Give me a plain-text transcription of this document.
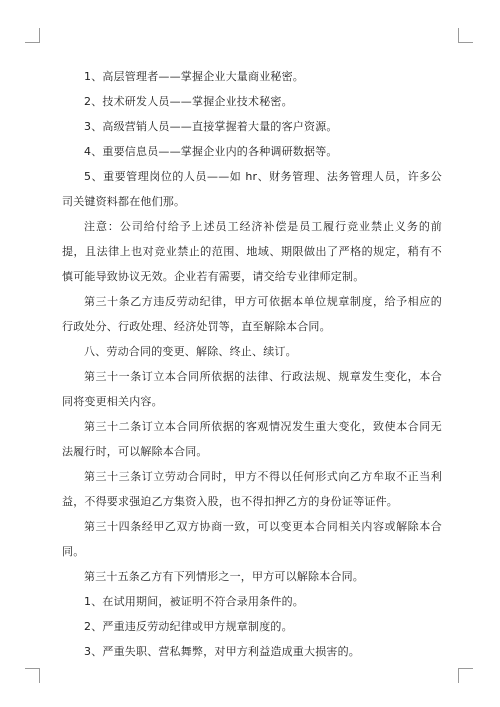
1、高层管理者——掌握企业大量商业秘密。

2、技术研发人员——掌握企业技术秘密。

3、高级营销人员——直接掌握着大量的客户资源。

4、重要信息员——掌握企业内的各种调研数据等。

5、重要管理岗位的人员——如 hr、财务管理、法务管理人员，许多公司关键资料都在他们那。

注意：公司给付给予上述员工经济补偿是员工履行竞业禁止义务的前提，且法律上也对竞业禁止的范围、地域、期限做出了严格的规定，稍有不慎可能导致协议无效。企业若有需要，请交给专业律师定制。

第三十条乙方违反劳动纪律，甲方可依据本单位规章制度，给予相应的行政处分、行政处理、经济处罚等，直至解除本合同。

八、劳动合同的变更、解除、终止、续订。

第三十一条订立本合同所依据的法律、行政法规、规章发生变化，本合同将变更相关内容。

第三十二条订立本合同所依据的客观情况发生重大变化，致使本合同无法履行时，可以解除本合同。

第三十三条订立劳动合同时，甲方不得以任何形式向乙方牟取不正当利益，不得要求强迫乙方集资入股，也不得扣押乙方的身份证等证件。

第三十四条经甲乙双方协商一致，可以变更本合同相关内容或解除本合同。

第三十五条乙方有下列情形之一，甲方可以解除本合同。

1、在试用期间，被证明不符合录用条件的。

2、严重违反劳动纪律或甲方规章制度的。

3、严重失职、营私舞弊，对甲方利益造成重大损害的。
